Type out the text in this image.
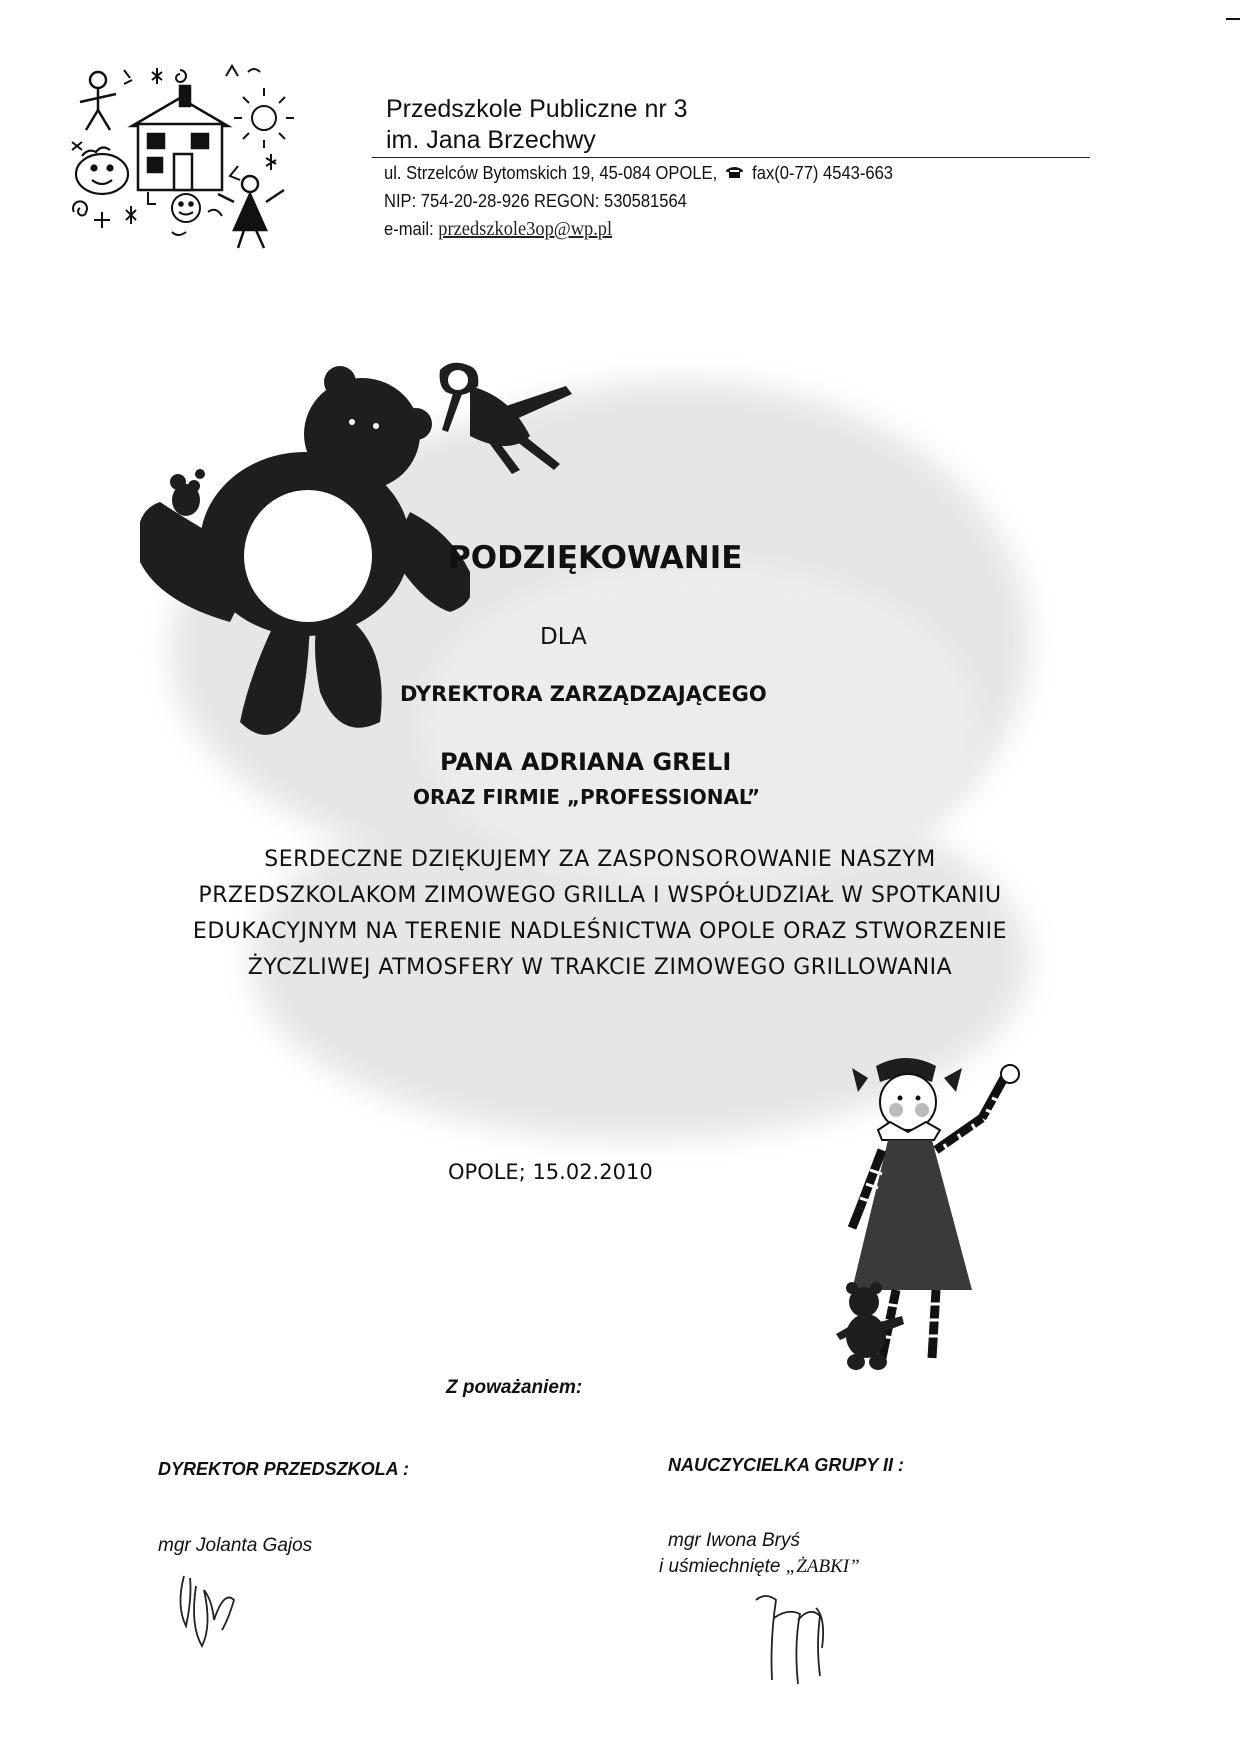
Przedszkole Publiczne nr 3
im. Jana Brzechwy
ul. Strzelców Bytomskich 19, 45-084 OPOLE, fax(0-77) 4543-663
NIP: 754-20-28-926 REGON: 530581564
e-mail: przedszkole3op@wp.pl
PODZIĘKOWANIE
DLA
DYREKTORA ZARZĄDZAJĄCEGO
PANA ADRIANA GRELI
ORAZ FIRMIE „PROFESSIONAL”
SERDECZNE DZIĘKUJEMY ZA ZASPONSOROWANIE NASZYM
PRZEDSZKOLAKOM ZIMOWEGO GRILLA I WSPÓŁUDZIAŁ W SPOTKANIU
EDUKACYJNYM NA TERENIE NADLEŚNICTWA OPOLE ORAZ STWORZENIE
ŻYCZLIWEJ ATMOSFERY W TRAKCIE ZIMOWEGO GRILLOWANIA
OPOLE; 15.02.2010
Z poważaniem:
DYREKTOR PRZEDSZKOLA :	NAUCZYCIELKA GRUPY II :
mgr Jolanta Gajos	mgr Iwona Bryś
i uśmiechnięte „ŻABKI”
